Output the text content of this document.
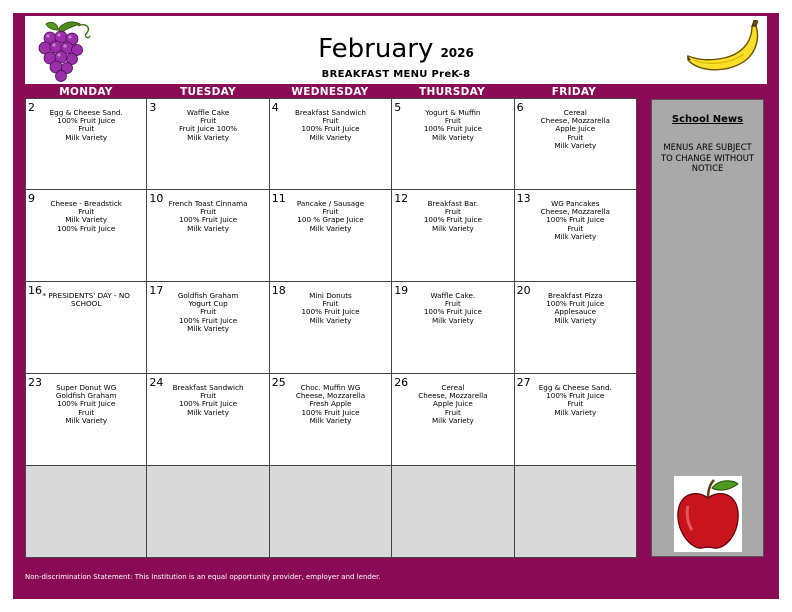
February 2026
BREAKFAST MENU PreK-8
MONDAY	TUESDAY	WEDNESDAY	THURSDAY	FRIDAY
2	Egg & Cheese Sand.
100% Fruit Juice
Fruit
Milk Variety
3	Waffle Cake
Fruit
Fruit Juice 100%
Milk Variety
4	Breakfast Sandwich
Fruit
100% Fruit Juice
Milk Variety
5	Yogurt & Muffin
Fruit
100% Fruit Juice
Milk Variety
6	Cereal
Cheese, Mozzarella
Apple Juice
Fruit
Milk Variety
9	Cheese - Breadstick
Fruit
Milk Variety
100% Fruit Juice
10 French Toast Cinnama
Fruit
100% Fruit Juice
Milk Variety
11	Pancake / Sausage
Fruit
100 % Grape Juice
Milk Variety
12	Breakfast Bar.
Fruit
100% Fruit Juice
Milk Variety
13	WG Pancakes
Cheese, Mozzarella
100% Fruit Juice
Fruit
Milk Variety
16 * PRESIDENTS' DAY - NO
SCHOOL
17	Goldfish Graham
Yogurt Cup
Fruit
100% Fruit Juice
Milk Variety
18	Mini Donuts
Fruit
100% Fruit Juice
Milk Variety
19	Waffle Cake.
Fruit
100% Fruit Juice
Milk Variety
20	Breakfast Pizza
100% Fruit Juice
Applesauce
Milk Variety
23	Super Donut WG
Goldfish Graham
100% Fruit Juice
Fruit
Milk Variety
24	Breakfast Sandwich
Fruit
100% Fruit Juice
Milk Variety
25	Choc. Muffin WG
Cheese, Mozzarella
Fresh Apple
100% Fruit Juice
Milk Variety
26	Cereal
Cheese, Mozzarella
Apple Juice
Fruit
Milk Variety
27	Egg & Cheese Sand.
100% Fruit Juice
Fruit
Milk Variety
School News
MENUS ARE SUBJECT TO CHANGE WITHOUT NOTICE
Non-discrimination Statement: This Institution is an equal opportunity provider, employer and lender.
